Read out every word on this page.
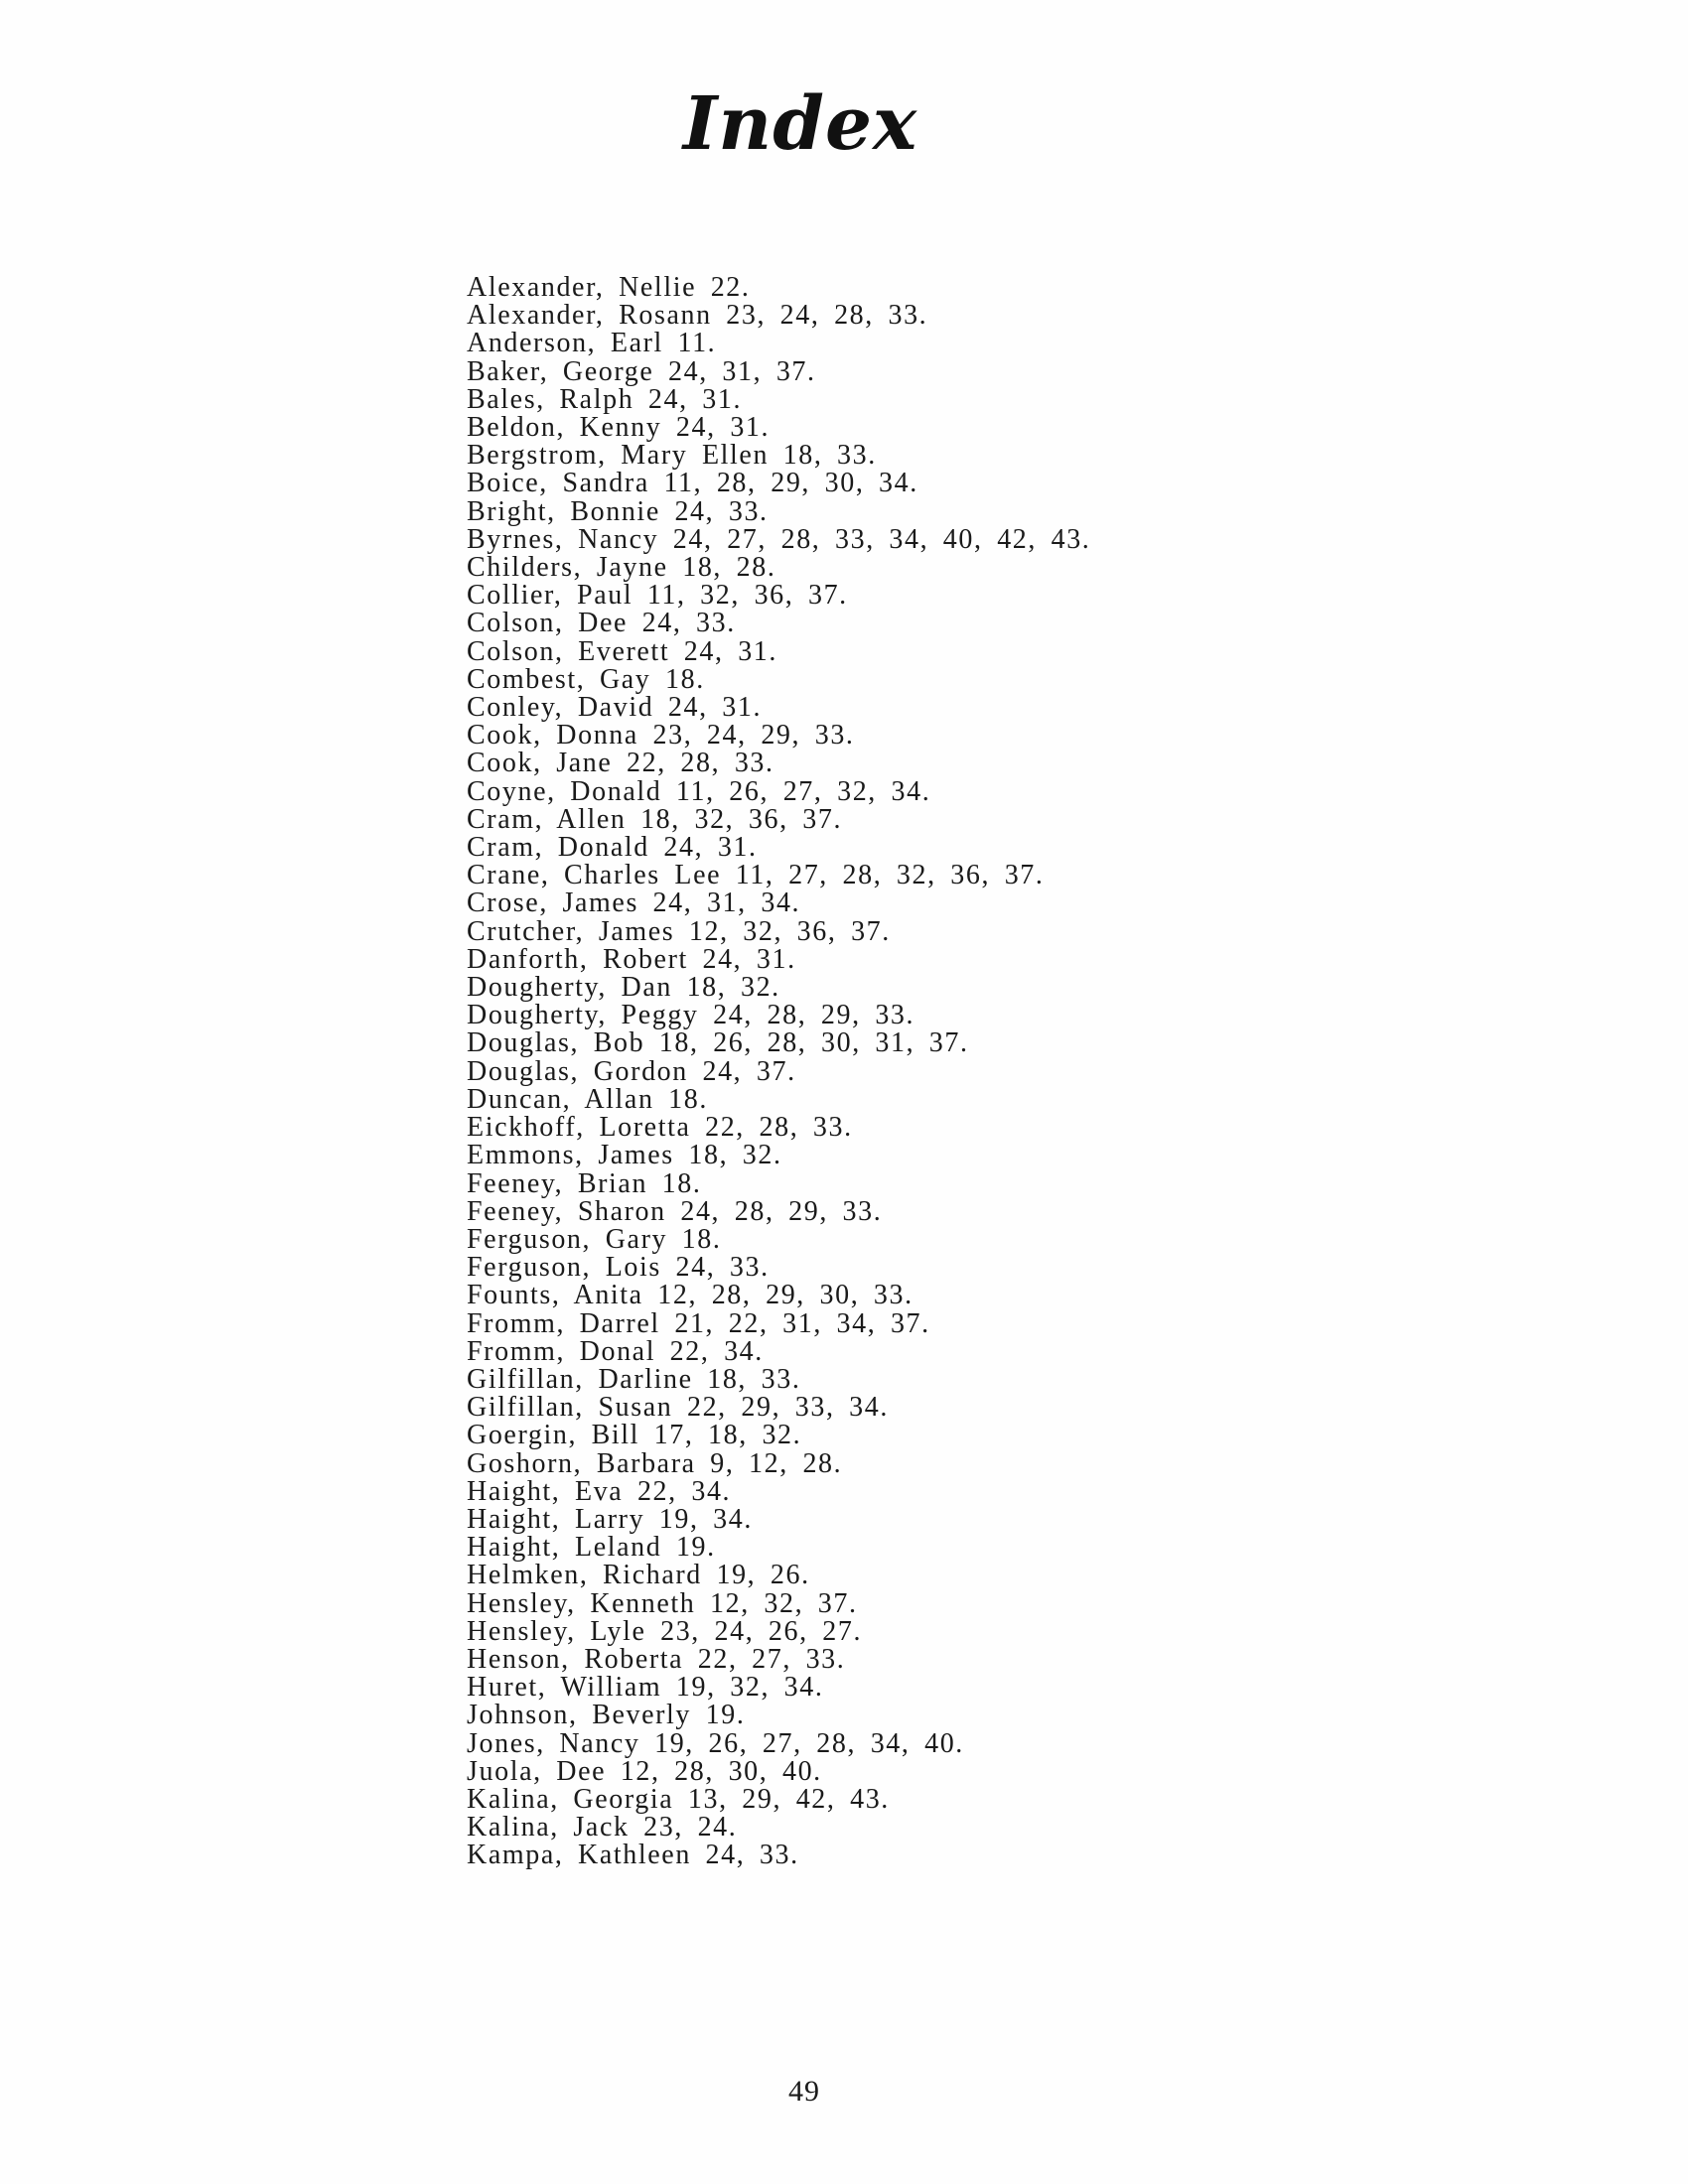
Index
Alexander, Nellie 22.
Alexander, Rosann 23, 24, 28, 33.
Anderson, Earl 11.
Baker, George 24, 31, 37.
Bales, Ralph 24, 31.
Beldon, Kenny 24, 31.
Bergstrom, Mary Ellen 18, 33.
Boice, Sandra 11, 28, 29, 30, 34.
Bright, Bonnie 24, 33.
Byrnes, Nancy 24, 27, 28, 33, 34, 40, 42, 43.
Childers, Jayne 18, 28.
Collier, Paul 11, 32, 36, 37.
Colson, Dee 24, 33.
Colson, Everett 24, 31.
Combest, Gay 18.
Conley, David 24, 31.
Cook, Donna 23, 24, 29, 33.
Cook, Jane 22, 28, 33.
Coyne, Donald 11, 26, 27, 32, 34.
Cram, Allen 18, 32, 36, 37.
Cram, Donald 24, 31.
Crane, Charles Lee 11, 27, 28, 32, 36, 37.
Crose, James 24, 31, 34.
Crutcher, James 12, 32, 36, 37.
Danforth, Robert 24, 31.
Dougherty, Dan 18, 32.
Dougherty, Peggy 24, 28, 29, 33.
Douglas, Bob 18, 26, 28, 30, 31, 37.
Douglas, Gordon 24, 37.
Duncan, Allan 18.
Eickhoff, Loretta 22, 28, 33.
Emmons, James 18, 32.
Feeney, Brian 18.
Feeney, Sharon 24, 28, 29, 33.
Ferguson, Gary 18.
Ferguson, Lois 24, 33.
Founts, Anita 12, 28, 29, 30, 33.
Fromm, Darrel 21, 22, 31, 34, 37.
Fromm, Donal 22, 34.
Gilfillan, Darline 18, 33.
Gilfillan, Susan 22, 29, 33, 34.
Goergin, Bill 17, 18, 32.
Goshorn, Barbara 9, 12, 28.
Haight, Eva 22, 34.
Haight, Larry 19, 34.
Haight, Leland 19.
Helmken, Richard 19, 26.
Hensley, Kenneth 12, 32, 37.
Hensley, Lyle 23, 24, 26, 27.
Henson, Roberta 22, 27, 33.
Huret, William 19, 32, 34.
Johnson, Beverly 19.
Jones, Nancy 19, 26, 27, 28, 34, 40.
Juola, Dee 12, 28, 30, 40.
Kalina, Georgia 13, 29, 42, 43.
Kalina, Jack 23, 24.
Kampa, Kathleen 24, 33.
49
